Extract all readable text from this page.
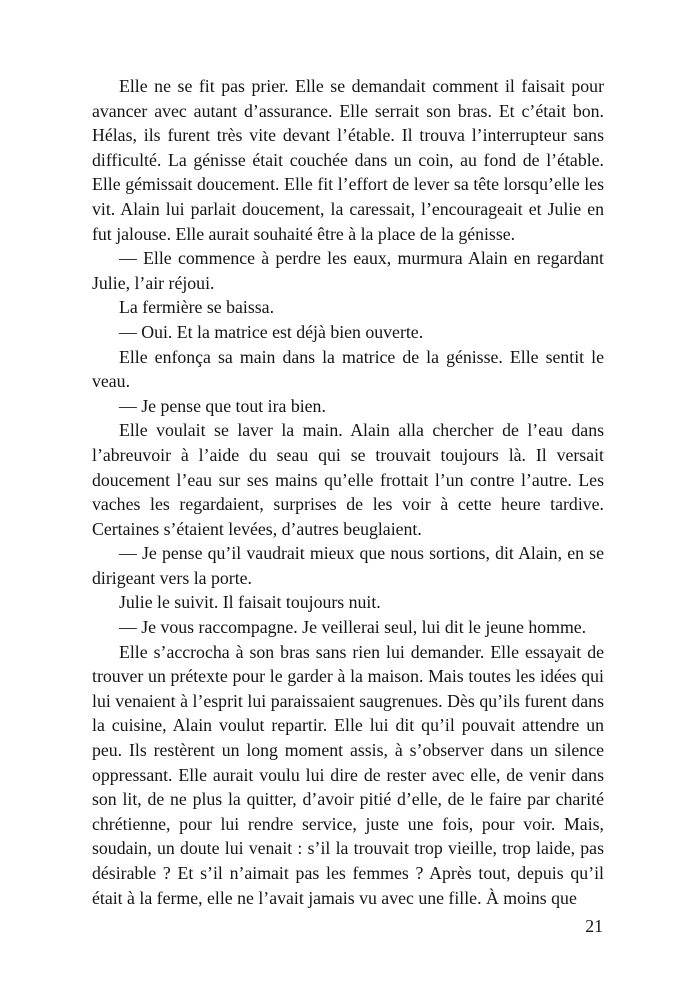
Elle ne se fit pas prier. Elle se demandait comment il faisait pour avancer avec autant d’assurance. Elle serrait son bras. Et c’était bon. Hélas, ils furent très vite devant l’étable. Il trouva l’interrupteur sans difficulté. La génisse était couchée dans un coin, au fond de l’étable. Elle gémissait doucement. Elle fit l’effort de lever sa tête lorsqu’elle les vit. Alain lui parlait doucement, la caressait, l’encourageait et Julie en fut jalouse. Elle aurait souhaité être à la place de la génisse.

— Elle commence à perdre les eaux, murmura Alain en regardant Julie, l’air réjoui.

La fermière se baissa.

— Oui. Et la matrice est déjà bien ouverte.

Elle enfonça sa main dans la matrice de la génisse. Elle sentit le veau.

— Je pense que tout ira bien.

Elle voulait se laver la main. Alain alla chercher de l’eau dans l’abreuvoir à l’aide du seau qui se trouvait toujours là. Il versait doucement l’eau sur ses mains qu’elle frottait l’un contre l’autre. Les vaches les regardaient, surprises de les voir à cette heure tardive. Certaines s’étaient levées, d’autres beuglaient.

— Je pense qu’il vaudrait mieux que nous sortions, dit Alain, en se dirigeant vers la porte.

Julie le suivit. Il faisait toujours nuit.

— Je vous raccompagne. Je veillerai seul, lui dit le jeune homme.

Elle s’accrocha à son bras sans rien lui demander. Elle essayait de trouver un prétexte pour le garder à la maison. Mais toutes les idées qui lui venaient à l’esprit lui paraissaient saugrenues. Dès qu’ils furent dans la cuisine, Alain voulut repartir. Elle lui dit qu’il pouvait attendre un peu. Ils restèrent un long moment assis, à s’observer dans un silence oppressant. Elle aurait voulu lui dire de rester avec elle, de venir dans son lit, de ne plus la quitter, d’avoir pitié d’elle, de le faire par charité chrétienne, pour lui rendre service, juste une fois, pour voir. Mais, soudain, un doute lui venait : s’il la trouvait trop vieille, trop laide, pas désirable ? Et s’il n’aimait pas les femmes ? Après tout, depuis qu’il était à la ferme, elle ne l’avait jamais vu avec une fille. À moins que

21
